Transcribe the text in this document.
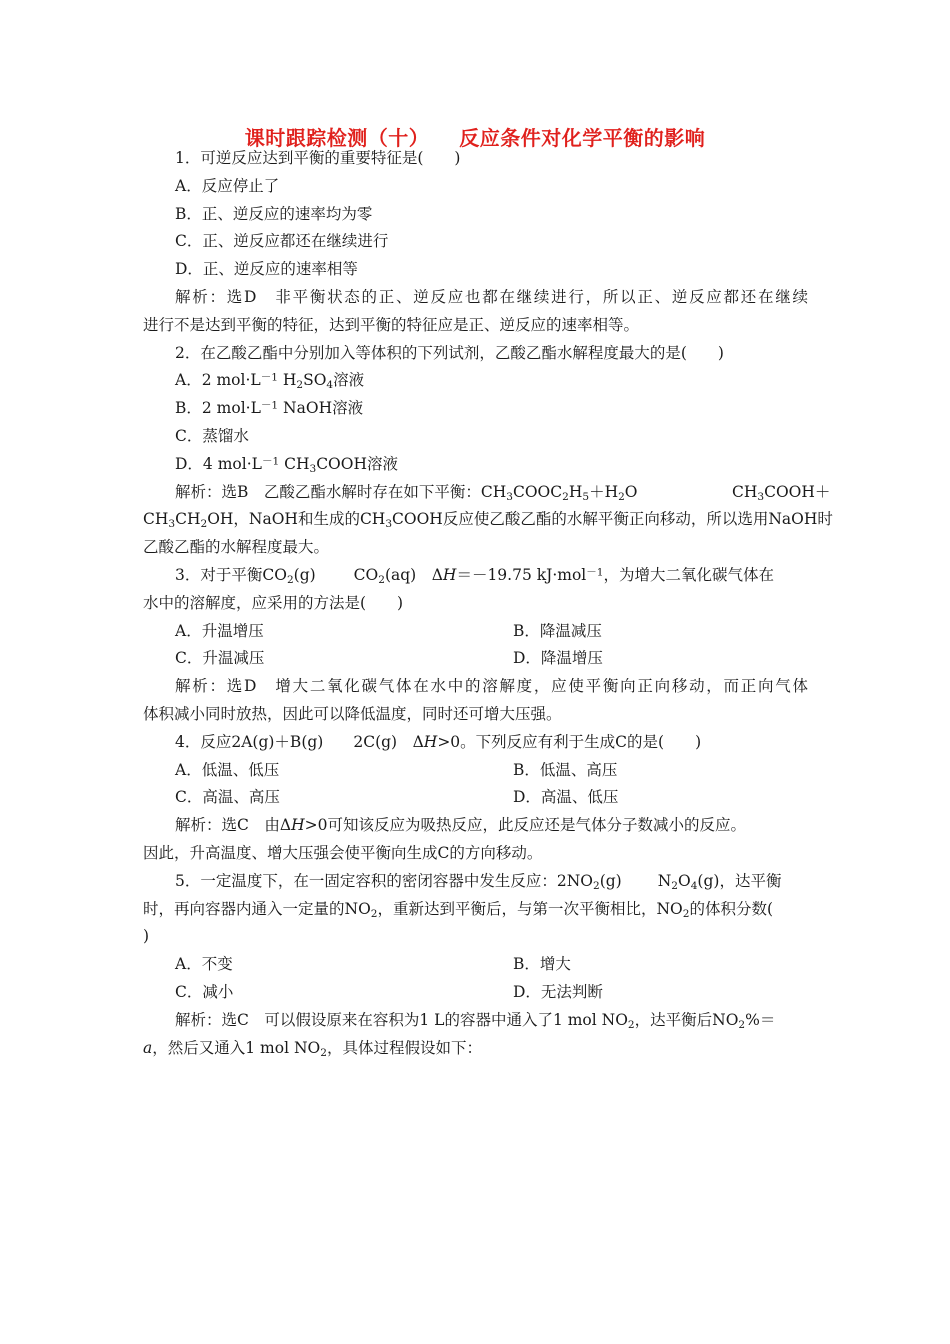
课时跟踪检测（十） 反应条件对化学平衡的影响
1．可逆反应达到平衡的重要特征是(　　)
A．反应停止了
B．正、逆反应的速率均为零
C．正、逆反应都还在继续进行
D．正、逆反应的速率相等
解析：选D　非平衡状态的正、逆反应也都在继续进行，所以正、逆反应都还在继续
进行不是达到平衡的特征，达到平衡的特征应是正、逆反应的速率相等。
2．在乙酸乙酯中分别加入等体积的下列试剂，乙酸乙酯水解程度最大的是(　　)
A．2 $mol\cdot L^{-1}$ $H_2SO_4$溶液
B．2 $mol\cdot L^{-1}$ NaOH溶液
C．蒸馏水
D．4 $mol\cdot L^{-1}$ $CH_3COOH$溶液
解析：选B　乙酸乙酯水解时存在如下平衡：$CH_3COOC_2H_5+H_2O$	$CH_3COOH+$
$CH_3CH_2OH$，NaOH和生成的$CH_3COOH$反应使乙酸乙酯的水解平衡正向移动，所以选用NaOH时
乙酸乙酯的水解程度最大。
3．对于平衡$CO_2(g)$ $CO_2(aq)$　ΔH＝－19.75 kJ·mol$^{-1}$，为增大二氧化碳气体在
水中的溶解度，应采用的方法是(　　)
A．升温增压	B．降温减压
C．升温减压	D．降温增压
解析：选D　增大二氧化碳气体在水中的溶解度，应使平衡向正向移动，而正向气体
体积减小同时放热，因此可以降低温度，同时还可增大压强。
4．反应2A(g)＋B(g) 2C(g)　ΔH>0。下列反应有利于生成C的是(　　)
A．低温、低压	B．低温、高压
C．高温、高压	D．高温、低压
解析：选C　由ΔH>0可知该反应为吸热反应，此反应还是气体分子数减小的反应。
因此，升高温度、增大压强会使平衡向生成C的方向移动。
5．一定温度下，在一固定容积的密闭容器中发生反应：$2NO_2(g)$ $N_2O_4(g)$，达平衡
时，再向容器内通入一定量的$NO_2$，重新达到平衡后，与第一次平衡相比，$NO_2$的体积分数(
)
A．不变	B．增大
C．减小	D．无法判断
解析：选C　可以假设原来在容积为1 L的容器中通入了1 mol $NO_2$，达平衡后$NO_2\%=$
a，然后又通入1 mol $NO_2$，具体过程假设如下：
